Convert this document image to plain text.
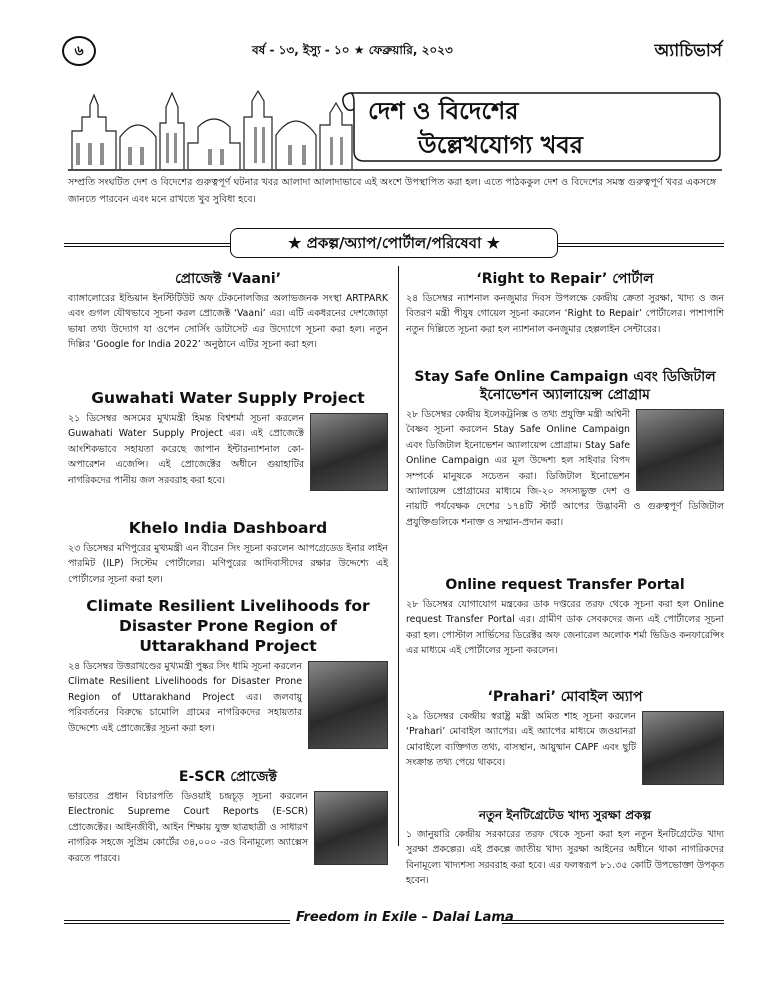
৬	বর্ষ - ১৩, ইস্যু - ১০ ★ ফেব্রুয়ারি, ২০২৩	অ্যাচিভার্স
দেশ ও বিদেশের
উল্লেখযোগ্য খবর
সম্প্রতি সংঘটিত দেশ ও বিদেশের গুরুত্বপূর্ণ ঘটনার খবর আলাদা আলাদাভাবে এই অংশে উপস্থাপিত করা হল। এতে পাঠককুল দেশ ও বিদেশের সমস্ত গুরুত্বপূর্ণ খবর একসঙ্গে জানতে পারবেন এবং মনে রাখতে খুব সুবিধা হবে।
★ প্রকল্প/অ্যাপ/পোর্টাল/পরিষেবা ★
প্রোজেক্ট ‘Vaani’
ব্যাঙ্গালোরের ইন্ডিয়ান ইনস্টিটিউট অফ টেকনোলজির অলাভজনক সংস্থা ARTPARK এবং গুগল যৌথভাবে সূচনা করল প্রোজেক্ট ‘Vaani’ এর। এটি একধরনের দেশজোড়া ভাষা তথ্য উদ্যোগ যা ওপেন সোর্সিং ডাটাসেট এর উদ্যোগে সূচনা করা হল। নতুন দিল্লির ‘Google for India 2022’ অনুষ্ঠানে এটির সূচনা করা হল।
Guwahati Water Supply Project
২১ ডিসেম্বর অসমের মুখ্যমন্ত্রী হিমন্ত বিশ্বশর্মা সূচনা করলেন Guwahati Water Supply Project এর। এই প্রোজেক্টে আংশিকভাবে সহায়তা করেছে জাপান ইন্টারন্যাশনাল কো-অপারেশন এজেন্সি। এই প্রোজেক্টের অধীনে গুয়াহাটির নাগরিকদের পানীয় জল সরবরাহ করা হবে।
Khelo India Dashboard
২৩ ডিসেম্বর মণিপুরের মুখ্যমন্ত্রী এন বীরেন সিং সূচনা করলেন আপগ্রেডেড ইনার লাইন পারমিট (ILP) সিস্টেম পোর্টালের। মণিপুরের আদিবাসীদের রক্ষার উদ্দেশ্যে এই পোর্টালের সূচনা করা হল।
Climate Resilient Livelihoods for Disaster Prone Region of Uttarakhand Project
২৪ ডিসেম্বর উত্তরাখণ্ডের মুখ্যমন্ত্রী পুষ্কর সিং ধামি সূচনা করলেন Climate Resilient Livelihoods for Disaster Prone Region of Uttarakhand Project এর। জলবায়ু পরিবর্তনের বিরুদ্ধে চামোলি গ্রামের নাগরিকদের সহায়তার উদ্দেশ্যে এই প্রোজেক্টের সূচনা করা হল।
E-SCR প্রোজেক্ট
ভারতের প্রধান বিচারপতি ডিওয়াই চন্দ্রচূড় সূচনা করলেন Electronic Supreme Court Reports (E-SCR) প্রোজেক্টের। আইনজীবী, আইন শিক্ষায় যুক্ত ছাত্রছাত্রী ও সাধারণ নাগরিক সহজে সুপ্রিম কোর্টের ৩৪,০০০ -রও বিনামূল্যে অ্যাক্সেস করতে পারবে।
‘Right to Repair’ পোর্টাল
২৪ ডিসেম্বর ন্যাশনাল কনজুমার দিবস উপলক্ষে কেন্দ্রীয় ক্রেতা সুরক্ষা, খাদ্য ও জন বিতরণ মন্ত্রী পীযুষ গোয়েল সূচনা করলেন ‘Right to Repair’ পোর্টালের। পাশাপাশি নতুন দিল্লিতে সূচনা করা হল ন্যাশনাল কনজুমার হেল্পলাইন সেন্টারের।
Stay Safe Online Campaign এবং ডিজিটাল ইনোভেশন অ্যালায়েন্স প্রোগ্রাম
২৮ ডিসেম্বর কেন্দ্রীয় ইলেকট্রনিক্স ও তথ্য প্রযুক্তি মন্ত্রী অশ্বিনী বৈষ্ণব সূচনা করলেন Stay Safe Online Campaign এবং ডিজিটাল ইনোভেশন অ্যালায়েন্স প্রোগ্রাম। Stay Safe Online Campaign এর মূল উদ্দেশ্য হল সাইবার বিপদ সম্পর্কে মানুষকে সচেতন করা। ডিজিটাল ইনোভেশন অ্যালায়েন্স প্রোগ্রামের মাধ্যমে জি-২০ সদস্যভুক্ত দেশ ও নায়টি পর্যবেক্ষক দেশের ১৭৪টি স্টার্ট আপের উদ্ভাবনী ও গুরুত্বপূর্ণ ডিজিটাল প্রযুক্তিগুলিকে শনাক্ত ও সম্মান-প্রদান করা।
Online request Transfer Portal
২৮ ডিসেম্বর যোগাযোগ মন্ত্রকের ডাক দপ্তরের তরফ থেকে সূচনা করা হল Online request Transfer Portal এর। গ্রামীণ ডাক সেবকদের জন্য এই পোর্টালের সূচনা করা হল। পোস্টাল সার্ভিসের ডিরেক্টর অফ জেনারেল অলোক শর্মা ভিডিও কনফারেন্সিং এর মাধ্যমে এই পোর্টালের সূচনা করলেন।
‘Prahari’ মোবাইল অ্যাপ
২৯ ডিসেম্বর কেন্দ্রীয় স্বরাষ্ট্র মন্ত্রী অমিত শাহ সূচনা করলেন ‘Prahari’ মোবাইল অ্যাপের। এই অ্যাপের মাধ্যমে জওয়ানরা মোবাইলে ব্যক্তিগত তথ্য, বাসস্থান, আয়ুষ্মান CAPF এবং ছুটি সংক্রান্ত তথ্য পেয়ে থাকবে।
নতুন ইনটিগ্রেটেড খাদ্য সুরক্ষা প্রকল্প
১ জানুয়ারি কেন্দ্রীয় সরকারের তরফ থেকে সূচনা করা হল নতুন ইনটিগ্রেটেড খাদ্য সুরক্ষা প্রকল্পের। এই প্রকল্পে জাতীয় খাদ্য সুরক্ষা আইনের অধীনে থাকা নাগরিকদের বিনামূল্যে খাদ্যশস্য সরবরাহ করা হবে। এর ফলস্বরূপ ৮১.৩৫ কোটি উপভোক্তা উপকৃত হবেন।
Freedom in Exile – Dalai Lama
